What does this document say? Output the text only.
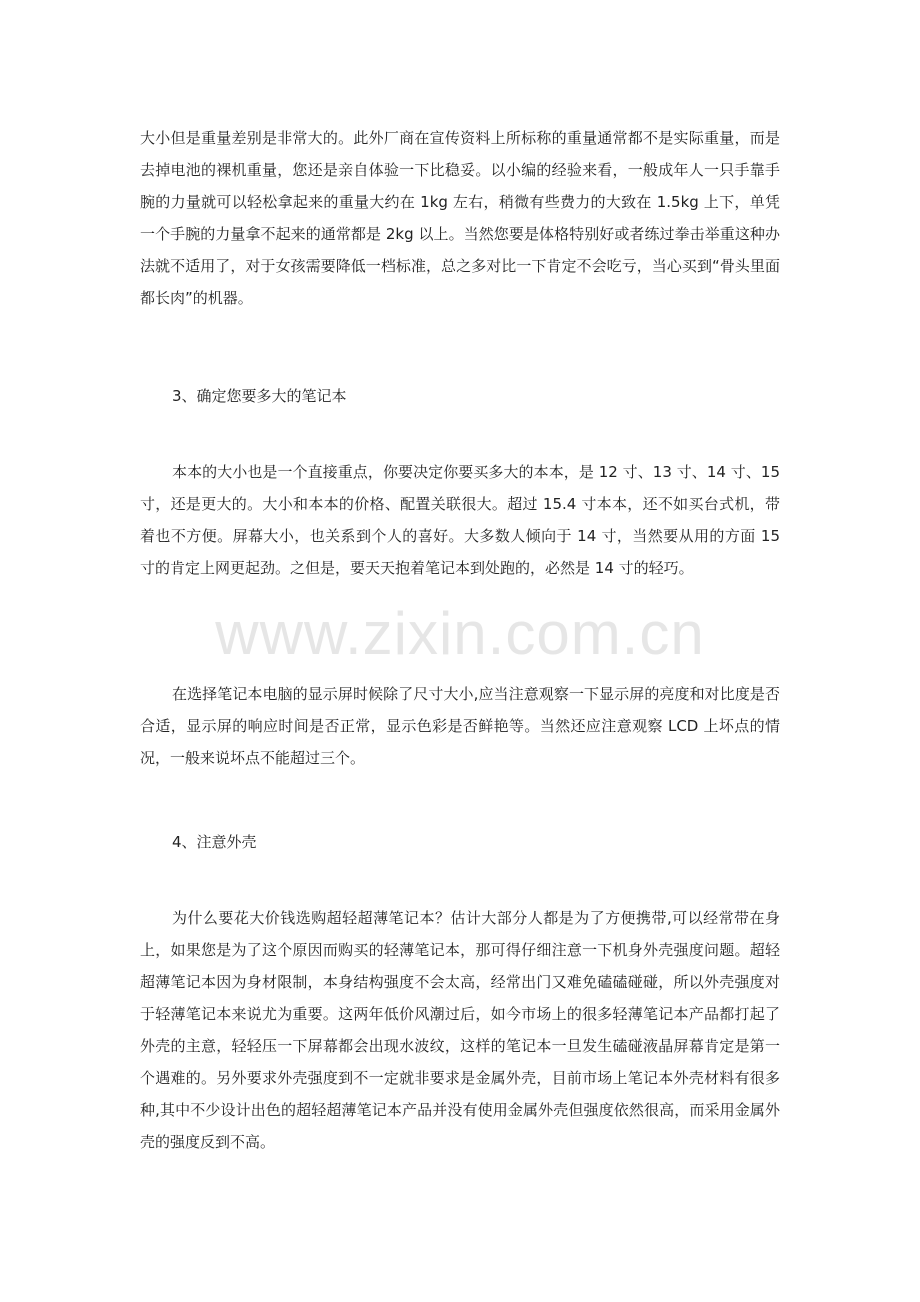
大小但是重量差别是非常大的。此外厂商在宣传资料上所标称的重量通常都不是实际重量，而是去掉电池的裸机重量，您还是亲自体验一下比稳妥。以小编的经验来看，一般成年人一只手靠手腕的力量就可以轻松拿起来的重量大约在 1kg 左右，稍微有些费力的大致在 1.5kg 上下，单凭一个手腕的力量拿不起来的通常都是 2kg 以上。当然您要是体格特别好或者练过拳击举重这种办法就不适用了，对于女孩需要降低一档标准，总之多对比一下肯定不会吃亏，当心买到“骨头里面都长肉”的机器。

3、确定您要多大的笔记本

本本的大小也是一个直接重点，你要决定你要买多大的本本，是 12 寸、13 寸、14 寸、15 寸，还是更大的。大小和本本的价格、配置关联很大。超过 15.4 寸本本，还不如买台式机，带着也不方便。屏幕大小，也关系到个人的喜好。大多数人倾向于 14 寸，当然要从用的方面 15 寸的肯定上网更起劲。之但是，要天天抱着笔记本到处跑的，必然是 14 寸的轻巧。

www.zixin.com.cn

在选择笔记本电脑的显示屏时候除了尺寸大小,应当注意观察一下显示屏的亮度和对比度是否合适，显示屏的响应时间是否正常，显示色彩是否鲜艳等。当然还应注意观察 LCD 上坏点的情况，一般来说坏点不能超过三个。

4、注意外壳

为什么要花大价钱选购超轻超薄笔记本？估计大部分人都是为了方便携带,可以经常带在身上，如果您是为了这个原因而购买的轻薄笔记本，那可得仔细注意一下机身外壳强度问题。超轻超薄笔记本因为身材限制，本身结构强度不会太高，经常出门又难免磕磕碰碰，所以外壳强度对于轻薄笔记本来说尤为重要。这两年低价风潮过后，如今市场上的很多轻薄笔记本产品都打起了外壳的主意，轻轻压一下屏幕都会出现水波纹，这样的笔记本一旦发生磕碰液晶屏幕肯定是第一个遇难的。另外要求外壳强度到不一定就非要求是金属外壳，目前市场上笔记本外壳材料有很多种,其中不少设计出色的超轻超薄笔记本产品并没有使用金属外壳但强度依然很高，而采用金属外壳的强度反到不高。
